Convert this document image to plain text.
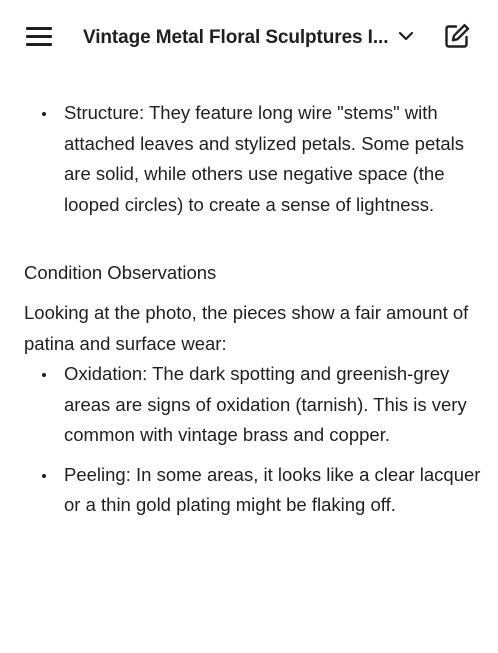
Vintage Metal Floral Sculptures I...
Structure: They feature long wire "stems" with attached leaves and stylized petals. Some petals are solid, while others use negative space (the looped circles) to create a sense of lightness.
Condition Observations
Looking at the photo, the pieces show a fair amount of patina and surface wear:
Oxidation: The dark spotting and greenish-grey areas are signs of oxidation (tarnish). This is very common with vintage brass and copper.
Peeling: In some areas, it looks like a clear lacquer or a thin gold plating might be flaking off.
